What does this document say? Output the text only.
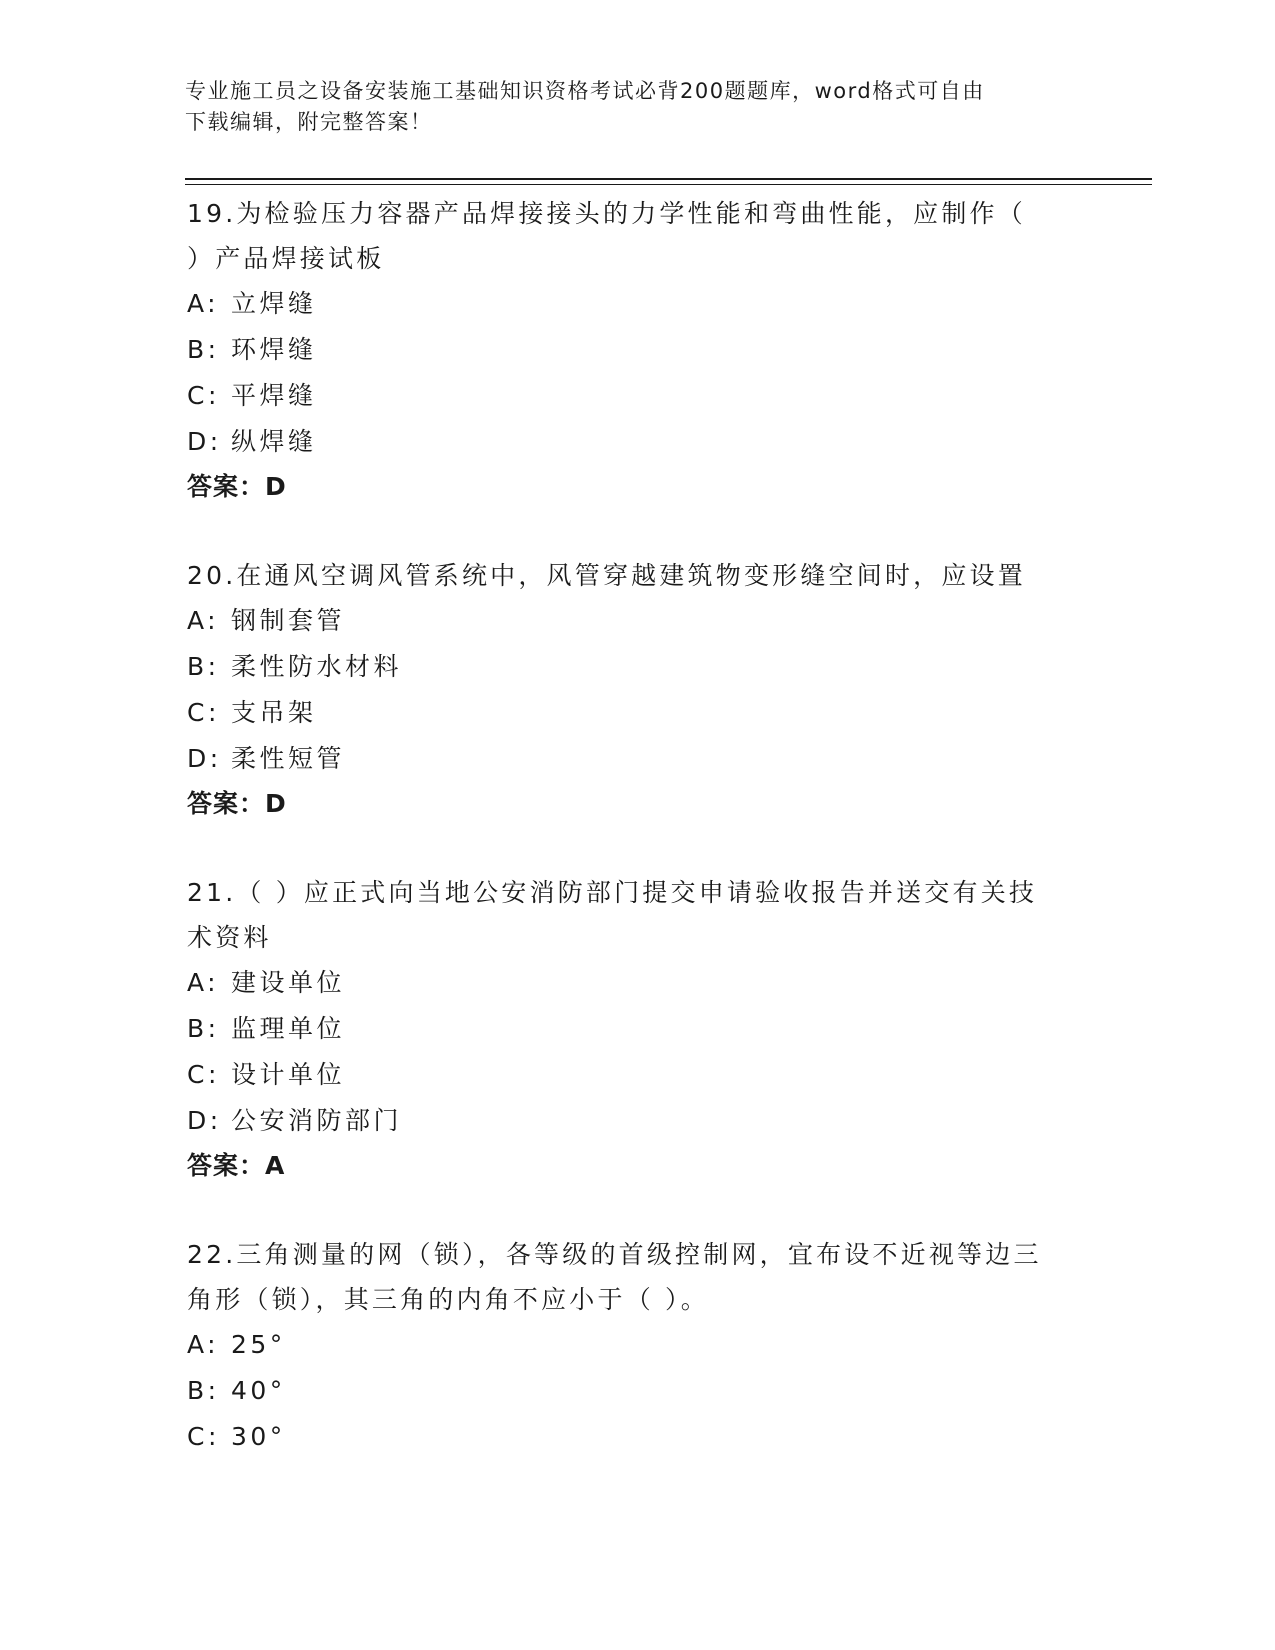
专业施工员之设备安装施工基础知识资格考试必背200题题库，word格式可自由
下载编辑，附完整答案！
19.为检验压力容器产品焊接接头的力学性能和弯曲性能，应制作（
）产品焊接试板
A: 立焊缝
B: 环焊缝
C: 平焊缝
D: 纵焊缝
答案：D
20.在通风空调风管系统中，风管穿越建筑物变形缝空间时，应设置
A: 钢制套管
B: 柔性防水材料
C: 支吊架
D: 柔性短管
答案：D
21.（ ）应正式向当地公安消防部门提交申请验收报告并送交有关技
术资料
A: 建设单位
B: 监理单位
C: 设计单位
D: 公安消防部门
答案：A
22.三角测量的网（锁），各等级的首级控制网，宜布设不近视等边三
角形（锁），其三角的内角不应小于（ ）。
A: 25°
B: 40°
C: 30°
